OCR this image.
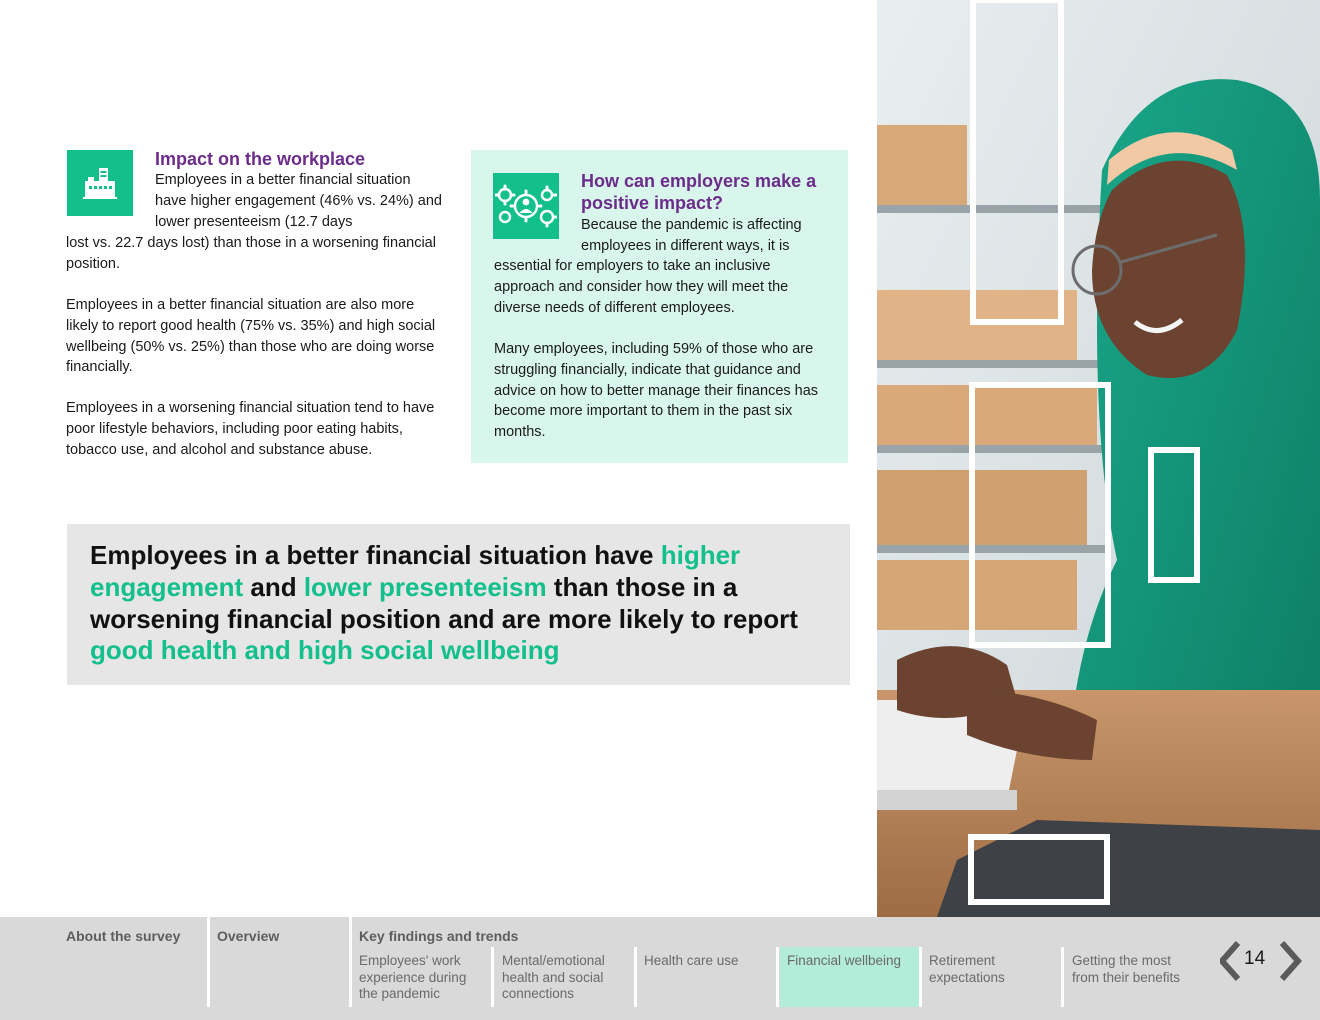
Impact on the workplace
Employees in a better financial situation have higher engagement (46% vs. 24%) and lower presenteeism (12.7 days
lost vs. 22.7 days lost) than those in a worsening financial position.
Employees in a better financial situation are also more likely to report good health (75% vs. 35%) and high social wellbeing (50% vs. 25%) than those who are doing worse financially.
Employees in a worsening financial situation tend to have poor lifestyle behaviors, including poor eating habits, tobacco use, and alcohol and substance abuse.
How can employers make a positive impact?
Because the pandemic is affecting employees in different ways, it is
essential for employers to take an inclusive approach and consider how they will meet the diverse needs of different employees.
Many employees, including 59% of those who are struggling financially, indicate that guidance and advice on how to better manage their finances has become more important to them in the past six months.
Employees in a better financial situation have higher engagement and lower presenteeism than those in a worsening financial position and are more likely to report good health and high social wellbeing
About the survey	Overview	Key findings and trends
Employees' work experience during the pandemic
Mental/emotional health and social connections
Health care use	Financial wellbeing	Retirement expectations
Getting the most from their benefits
14
